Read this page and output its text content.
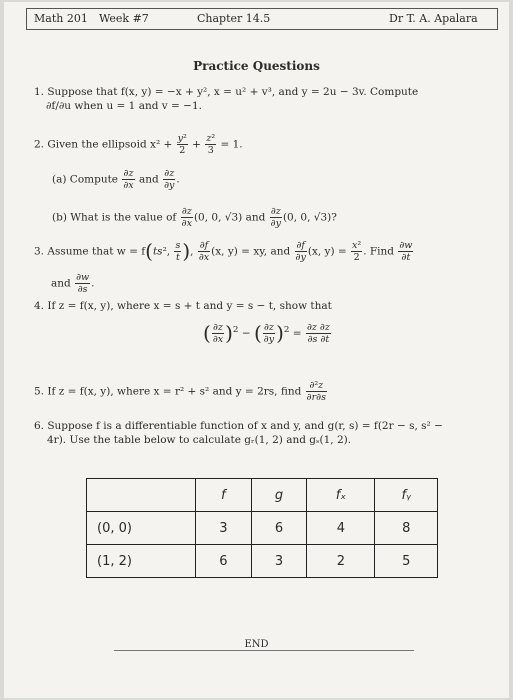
Math 201 Week #7	Chapter 14.5	Dr T. A. Apalara
Practice Questions
1. Suppose that f(x, y) = −x + y², x = u² + v³, and y = 2u − 3v. Compute
∂f/∂u when u = 1 and v = −1.
2. Given the ellipsoid $x^2 + \frac{\text{y²}}{2} + \frac{\text{z²}}{3} = 1$.
(a) Compute $\frac{\partial z}{\partial x}$ and $\frac{\partial z}{\partial y}$ .
(b) What is the value of $\frac{\partial z}{\partial x} (0$, 0, √3) and $\frac{\partial z}{\partial y} (0$, 0, √3)?
3. Assume that w = f(ts², $\frac{s}{t}$ ), $\frac{\partial f}{\partial x} (x$, y) = xy, and $\frac{\partial f}{\partial y} (x$, $y) = \frac{\text{x²}}{2}$ . Find $\frac{\partial w}{\partial t}$
and $\frac{\partial w}{\partial s}$ .
4. If z = f(x, y), where x = s + t and y = s − t, show that
( $\frac{\partial z}{\partial x} )^2$ − ( $\frac{\partial z}{\partial y} )^2 = \frac{\partial z \partial z}{\partial s \partial t}$
5. If z = f(x, y), where x = r² + s² and y = 2rs, find $\frac{\text{∂²z}}{\partial r\partial s}$
6. Suppose f is a differentiable function of x and y, and g(r, s) = f(2r − s, s² −
4r). Use the table below to calculate gᵣ(1, 2) and gₛ(1, 2).
	f	g	fₓ	fᵧ
(0, 0)	3	6	4	8
(1, 2)	6	3	2	5
END
